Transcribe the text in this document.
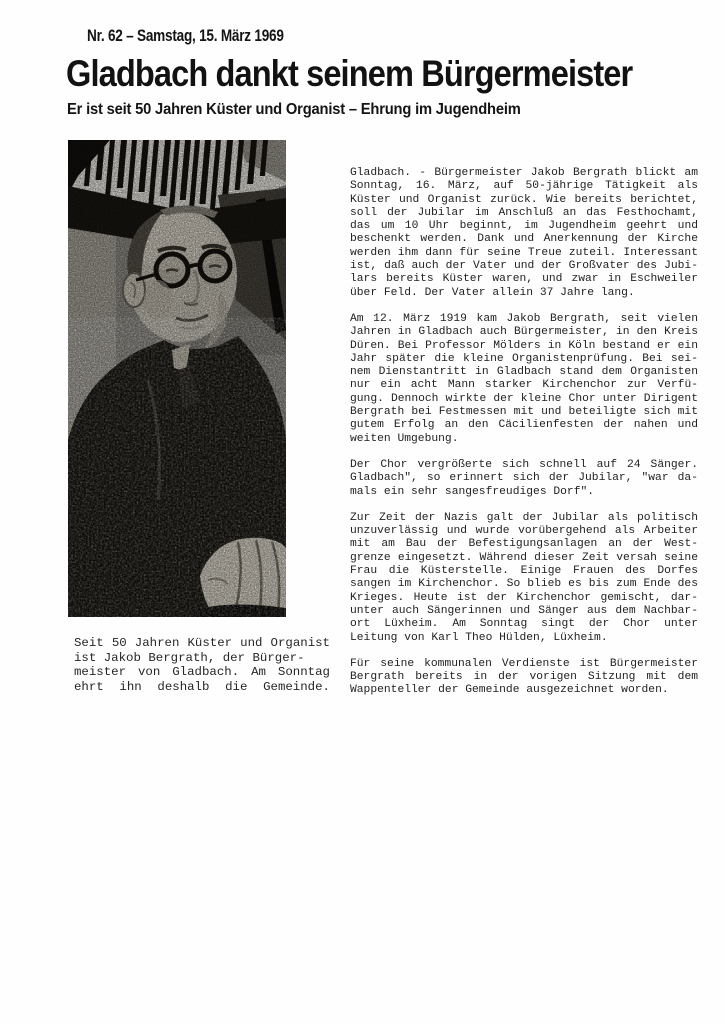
Nr. 62 – Samstag, 15. März 1969
Gladbach dankt seinem Bürgermeister
Er ist seit 50 Jahren Küster und Organist – Ehrung im Jugendheim
Seit 50 Jahren Küster und Organist
ist Jakob Bergrath, der Bürger-
meister von Gladbach. Am Sonntag
ehrt ihn deshalb die Gemeinde.
Gladbach. - Bürgermeister Jakob Bergrath blickt am
Sonntag, 16. März, auf 50-jährige Tätigkeit als
Küster und Organist zurück. Wie bereits berichtet,
soll der Jubilar im Anschluß an das Festhochamt,
das um 10 Uhr beginnt, im Jugendheim geehrt und
beschenkt werden. Dank und Anerkennung der Kirche
werden ihm dann für seine Treue zuteil. Interessant
ist, daß auch der Vater und der Großvater des Jubi-
lars bereits Küster waren, und zwar in Eschweiler
über Feld. Der Vater allein 37 Jahre lang.
Am 12. März 1919 kam Jakob Bergrath, seit vielen
Jahren in Gladbach auch Bürgermeister, in den Kreis
Düren. Bei Professor Mölders in Köln bestand er ein
Jahr später die kleine Organistenprüfung. Bei sei-
nem Dienstantritt in Gladbach stand dem Organisten
nur ein acht Mann starker Kirchenchor zur Verfü-
gung. Dennoch wirkte der kleine Chor unter Dirigent
Bergrath bei Festmessen mit und beteiligte sich mit
gutem Erfolg an den Cäcilienfesten der nahen und
weiten Umgebung.
Der Chor vergrößerte sich schnell auf 24 Sänger.
Gladbach", so erinnert sich der Jubilar, "war da-
mals ein sehr sangesfreudiges Dorf".
Zur Zeit der Nazis galt der Jubilar als politisch
unzuverlässig und wurde vorübergehend als Arbeiter
mit am Bau der Befestigungsanlagen an der West-
grenze eingesetzt. Während dieser Zeit versah seine
Frau die Küsterstelle. Einige Frauen des Dorfes
sangen im Kirchenchor. So blieb es bis zum Ende des
Krieges. Heute ist der Kirchenchor gemischt, dar-
unter auch Sängerinnen und Sänger aus dem Nachbar-
ort Lüxheim. Am Sonntag singt der Chor unter
Leitung von Karl Theo Hülden, Lüxheim.
Für seine kommunalen Verdienste ist Bürgermeister
Bergrath bereits in der vorigen Sitzung mit dem
Wappenteller der Gemeinde ausgezeichnet worden.
